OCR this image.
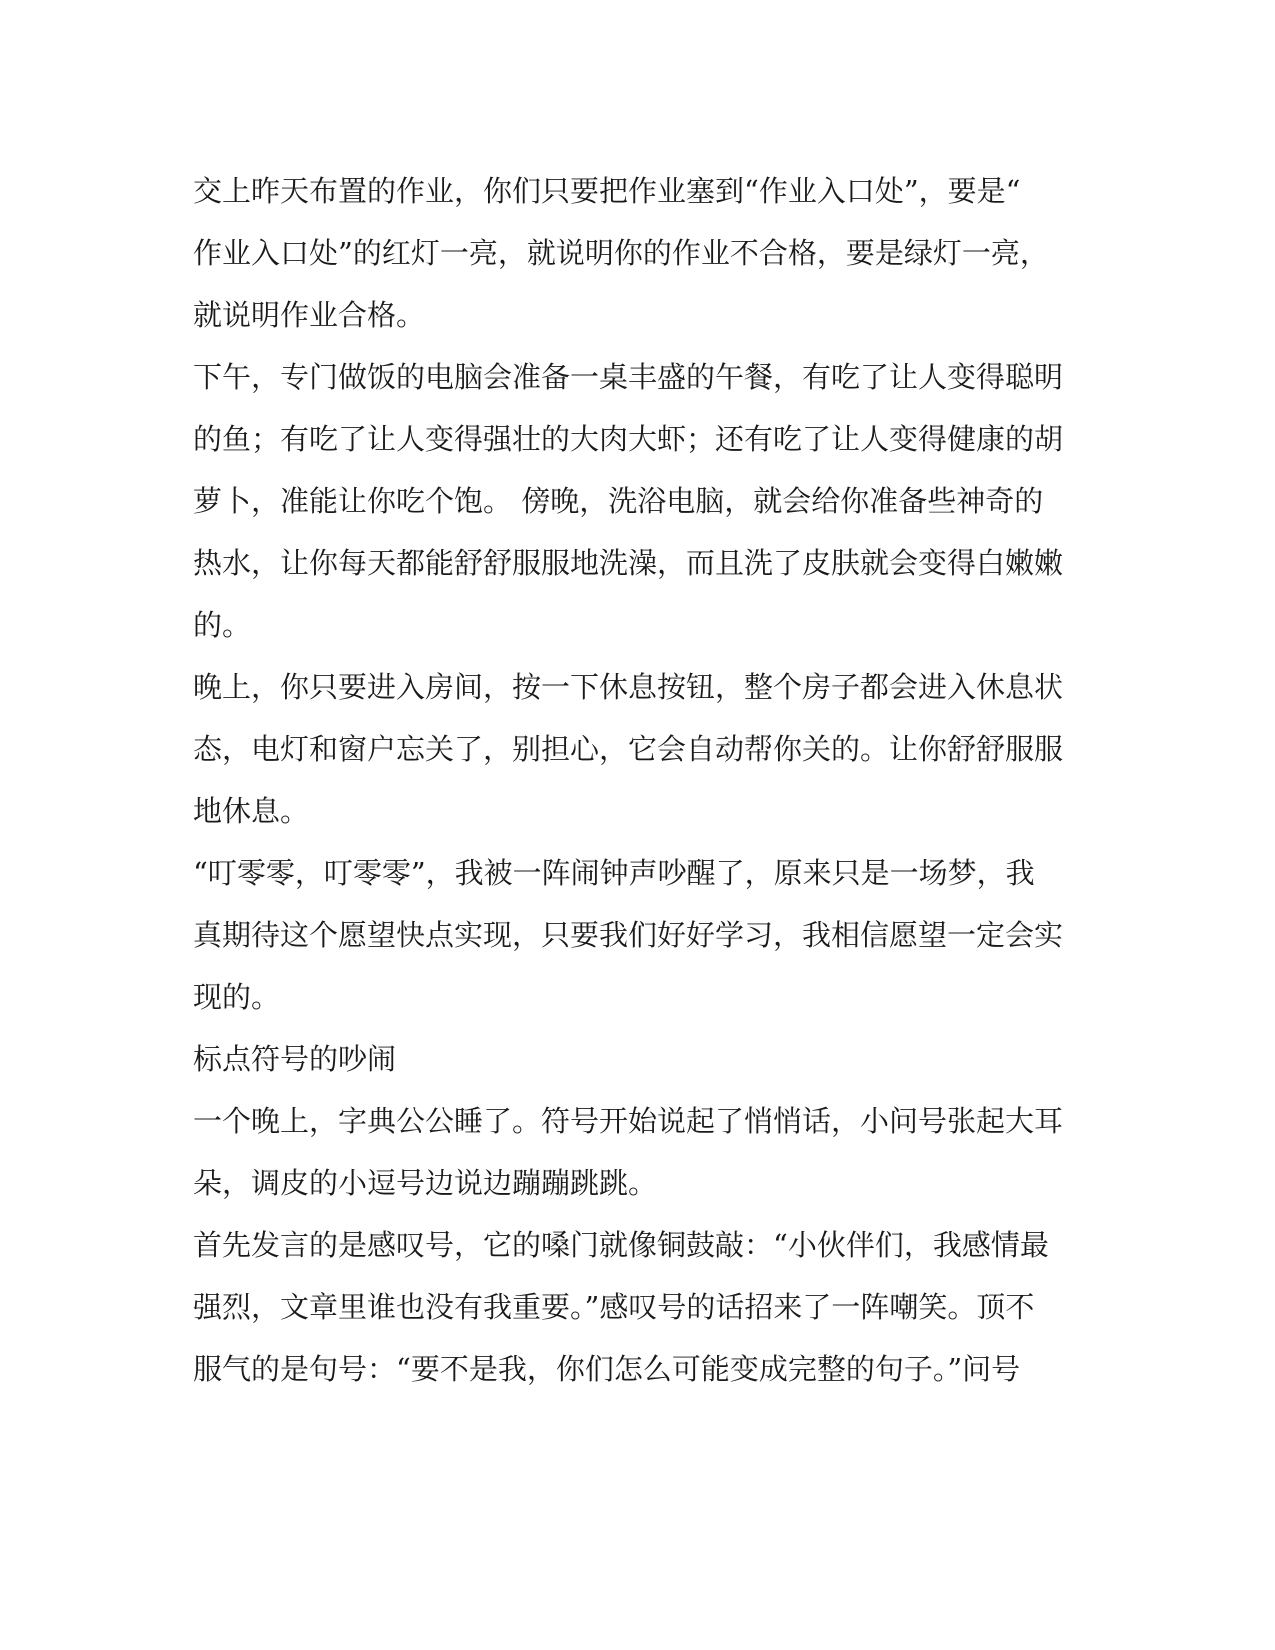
交上昨天布置的作业，你们只要把作业塞到“作业入口处”，要是“
作业入口处”的红灯一亮，就说明你的作业不合格，要是绿灯一亮，
就说明作业合格。
下午，专门做饭的电脑会准备一桌丰盛的午餐，有吃了让人变得聪明
的鱼；有吃了让人变得强壮的大肉大虾；还有吃了让人变得健康的胡
萝卜，准能让你吃个饱。 傍晚，洗浴电脑，就会给你准备些神奇的
热水，让你每天都能舒舒服服地洗澡，而且洗了皮肤就会变得白嫩嫩
的。
晚上，你只要进入房间，按一下休息按钮，整个房子都会进入休息状
态，电灯和窗户忘关了，别担心，它会自动帮你关的。让你舒舒服服
地休息。
“叮零零，叮零零”，我被一阵闹钟声吵醒了，原来只是一场梦，我
真期待这个愿望快点实现，只要我们好好学习，我相信愿望一定会实
现的。
标点符号的吵闹
一个晚上，字典公公睡了。符号开始说起了悄悄话，小问号张起大耳
朵，调皮的小逗号边说边蹦蹦跳跳。
首先发言的是感叹号，它的嗓门就像铜鼓敲：“小伙伴们，我感情最
强烈，文章里谁也没有我重要。”感叹号的话招来了一阵嘲笑。顶不
服气的是句号：“要不是我，你们怎么可能变成完整的句子。”问号
